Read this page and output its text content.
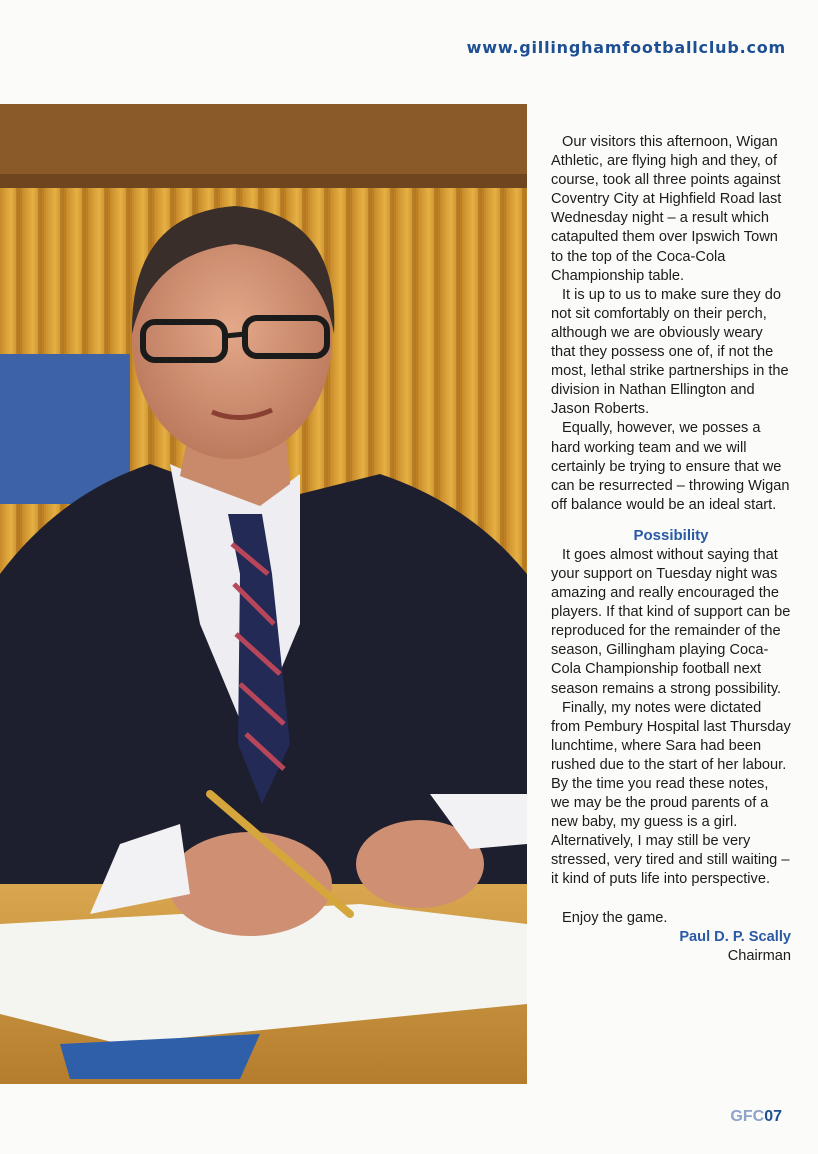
www.gillinghamfootballclub.com

Our visitors this afternoon, Wigan Athletic, are flying high and they, of course, took all three points against Coventry City at Highfield Road last Wednesday night – a result which catapulted them over Ipswich Town to the top of the Coca-Cola Championship table.

It is up to us to make sure they do not sit comfortably on their perch, although we are obviously weary that they possess one of, if not the most, lethal strike partnerships in the division in Nathan Ellington and Jason Roberts.

Equally, however, we posses a hard working team and we will certainly be trying to ensure that we can be resurrected – throwing Wigan off balance would be an ideal start.

Possibility

It goes almost without saying that your support on Tuesday night was amazing and really encouraged the players. If that kind of support can be reproduced for the remainder of the season, Gillingham playing Coca-Cola Championship football next season remains a strong possibility.

Finally, my notes were dictated from Pembury Hospital last Thursday lunchtime, where Sara had been rushed due to the start of her labour. By the time you read these notes, we may be the proud parents of a new baby, my guess is a girl. Alternatively, I may still be very stressed, very tired and still waiting – it kind of puts life into perspective.

Enjoy the game.

Paul D. P. Scally

Chairman

GFC07
